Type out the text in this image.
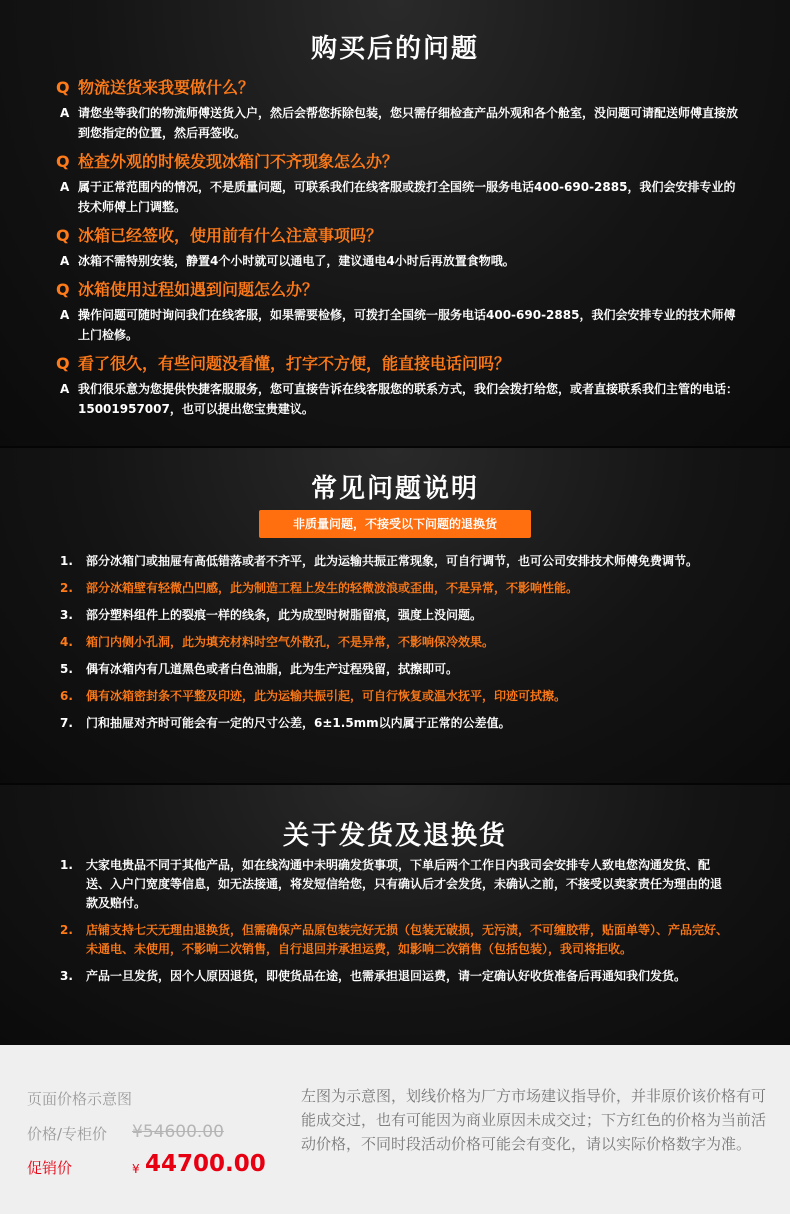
购买后的问题
Q 物流送货来我要做什么？
A 请您坐等我们的物流师傅送货入户，然后会帮您拆除包装，您只需仔细检查产品外观和各个舱室，没问题可请配送师傅直接放到您指定的位置，然后再签收。
Q 检查外观的时候发现冰箱门不齐现象怎么办？
A 属于正常范围内的情况，不是质量问题，可联系我们在线客服或拨打全国统一服务电话400-690-2885，我们会安排专业的技术师傅上门调整。
Q 冰箱已经签收，使用前有什么注意事项吗？
A 冰箱不需特别安装，静置4个小时就可以通电了，建议通电4小时后再放置食物哦。
Q 冰箱使用过程如遇到问题怎么办？
A 操作问题可随时询问我们在线客服，如果需要检修，可拨打全国统一服务电话400-690-2885，我们会安排专业的技术师傅上门检修。
Q 看了很久，有些问题没看懂，打字不方便，能直接电话问吗？
A 我们很乐意为您提供快捷客服服务，您可直接告诉在线客服您的联系方式，我们会拨打给您，或者直接联系我们主管的电话：15001957007，也可以提出您宝贵建议。
常见问题说明
非质量问题，不接受以下问题的退换货
1.	部分冰箱门或抽屉有高低错落或者不齐平，此为运输共振正常现象，可自行调节，也可公司安排技术师傅免费调节。
2.	部分冰箱壁有轻微凸凹感，此为制造工程上发生的轻微波浪或歪曲，不是异常，不影响性能。
3.	部分塑料组件上的裂痕一样的线条，此为成型时树脂留痕，强度上没问题。
4.	箱门内侧小孔洞，此为填充材料时空气外散孔，不是异常，不影响保冷效果。
5.	偶有冰箱内有几道黑色或者白色油脂，此为生产过程残留，拭擦即可。
6.	偶有冰箱密封条不平整及印迹，此为运输共振引起，可自行恢复或温水抚平，印迹可拭擦。
7.	门和抽屉对齐时可能会有一定的尺寸公差，6±1.5mm以内属于正常的公差值。
关于发货及退换货
1.	大家电贵品不同于其他产品，如在线沟通中未明确发货事项，下单后两个工作日内我司会安排专人致电您沟通发货、配送、入户门宽度等信息，如无法接通，将发短信给您，只有确认后才会发货，未确认之前，不接受以卖家责任为理由的退款及赔付。
2.	店铺支持七天无理由退换货，但需确保产品原包装完好无损（包装无破损，无污渍，不可缠胶带，贴面单等）、产品完好、未通电、未使用，不影响二次销售，自行退回并承担运费，如影响二次销售（包括包装），我司将拒收。
3.	产品一旦发货，因个人原因退货，即使货品在途，也需承担退回运费，请一定确认好收货准备后再通知我们发货。
页面价格示意图
价格/专柜价 ¥54600.00
促销价	¥ 44700.00
左图为示意图，划线价格为厂方市场建议指导价，并非原价该价格有可能成交过，也有可能因为商业原因未成交过；下方红色的价格为当前活动价格，不同时段活动价格可能会有变化，请以实际价格数字为准。
